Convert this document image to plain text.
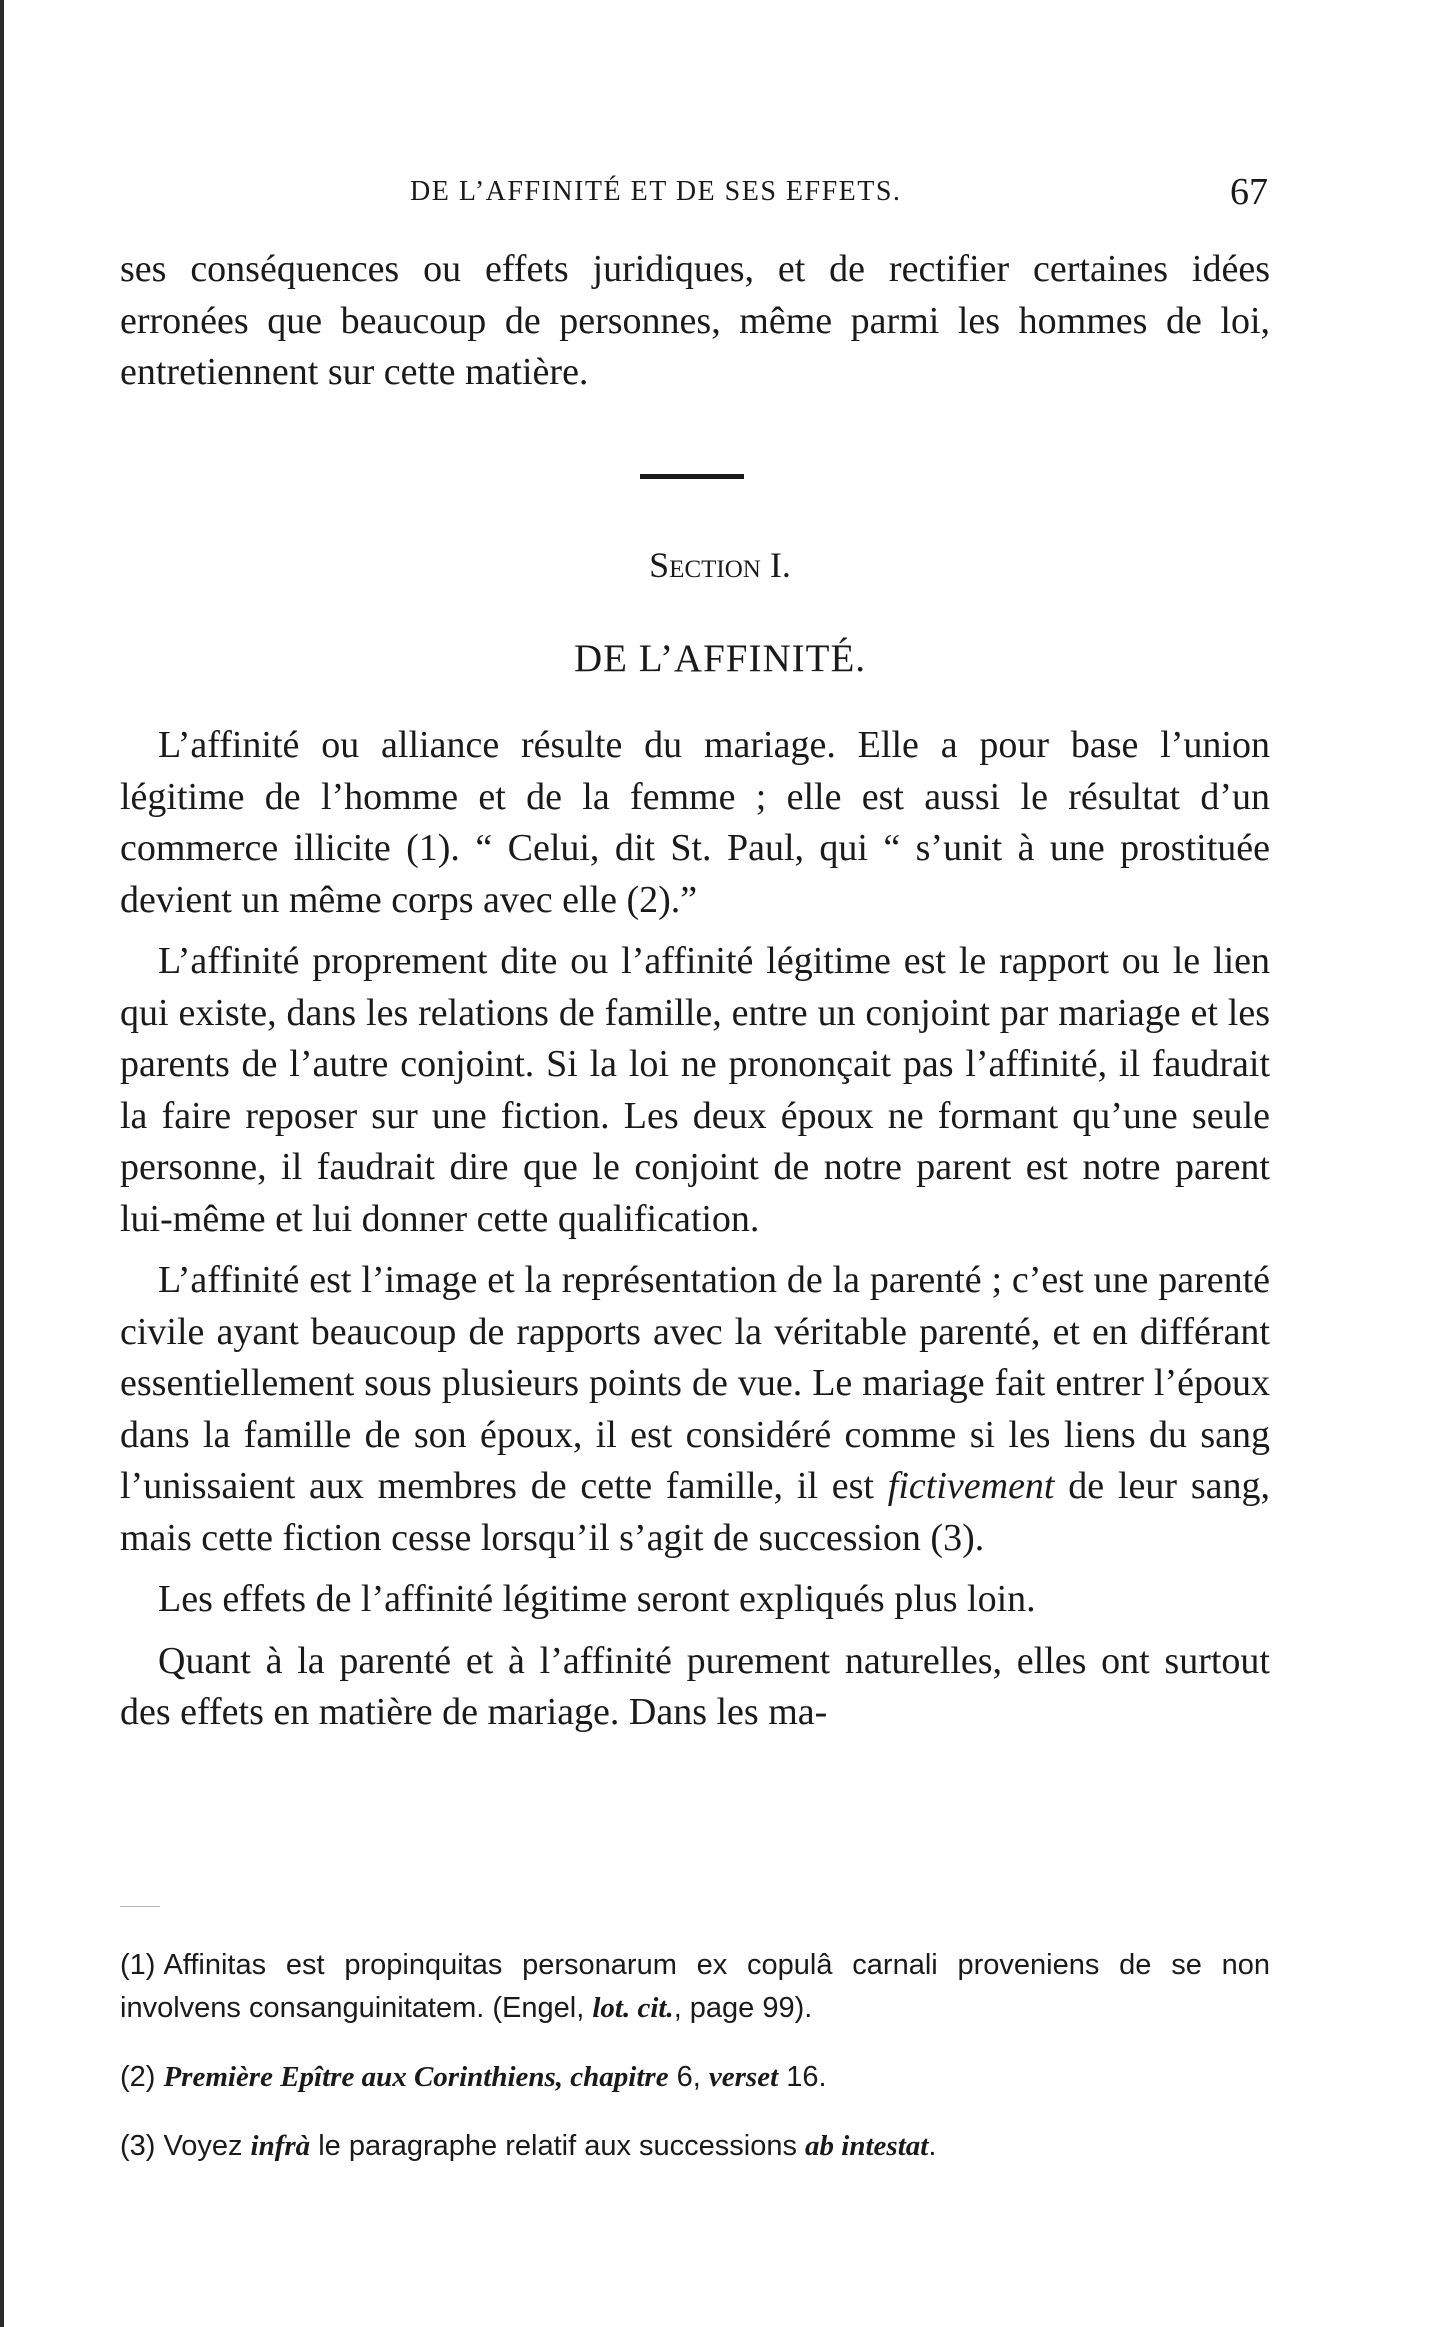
DE L’AFFINITÉ ET DE SES EFFETS.	67

ses conséquences ou effets juridiques, et de rectifier certaines idées erronées que beaucoup de personnes, même parmi les hommes de loi, entretiennent sur cette matière.

Section I.
DE L’AFFINITÉ.

L’affinité ou alliance résulte du mariage. Elle a pour base l’union légitime de l’homme et de la femme ; elle est aussi le résultat d’un commerce illicite (1). “ Celui, dit St. Paul, qui “ s’unit à une prostituée devient un même corps avec elle (2).”

L’affinité proprement dite ou l’affinité légitime est le rapport ou le lien qui existe, dans les relations de famille, entre un conjoint par mariage et les parents de l’autre conjoint. Si la loi ne prononçait pas l’affinité, il faudrait la faire reposer sur une fiction. Les deux époux ne formant qu’une seule personne, il faudrait dire que le conjoint de notre parent est notre parent lui-même et lui donner cette qualification.

L’affinité est l’image et la représentation de la parenté ; c’est une parenté civile ayant beaucoup de rapports avec la véritable parenté, et en différant essentiellement sous plusieurs points de vue. Le mariage fait entrer l’époux dans la famille de son époux, il est considéré comme si les liens du sang l’unissaient aux membres de cette famille, il est fictivement de leur sang, mais cette fiction cesse lorsqu’il s’agit de succession (3).

Les effets de l’affinité légitime seront expliqués plus loin.

Quant à la parenté et à l’affinité purement naturelles, elles ont surtout des effets en matière de mariage. Dans les ma-

(1) Affinitas est propinquitas personarum ex copulâ carnali proveniens de se non involvens consanguinitatem. (Engel, lot. cit., page 99).

(2) Première Epître aux Corinthiens, chapitre 6, verset 16.

(3) Voyez infrà le paragraphe relatif aux successions ab intestat.
